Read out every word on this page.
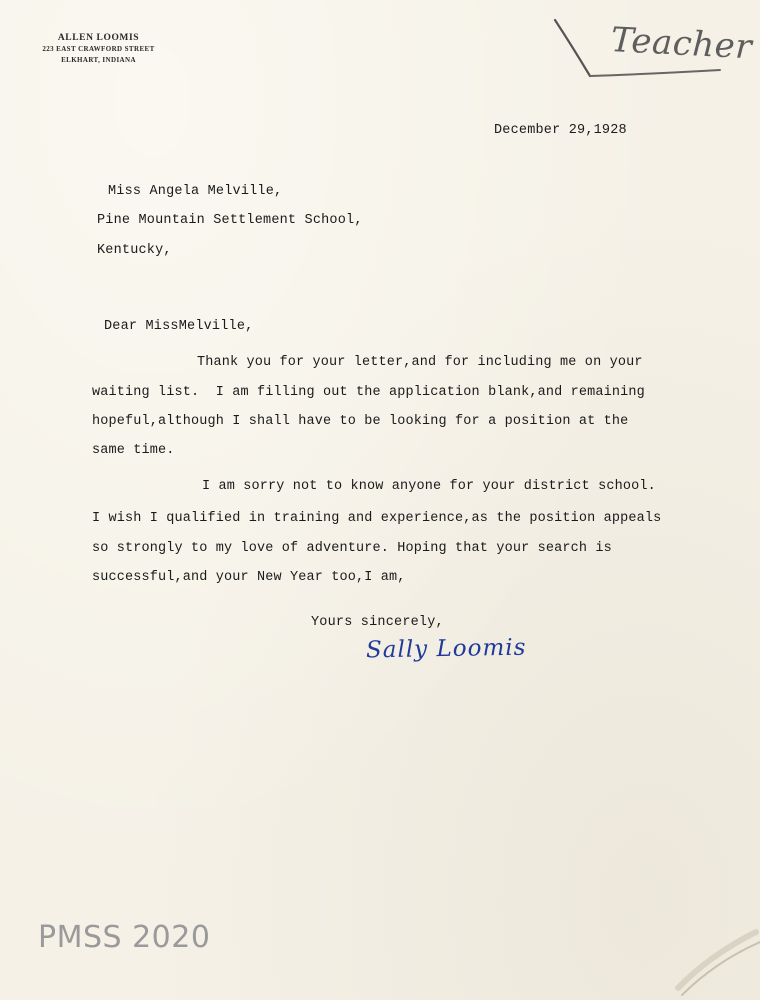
ALLEN LOOMIS
223 EAST CRAWFORD STREET
ELKHART, INDIANA	Teacher
December 29,1928
Miss Angela Melville,
Pine Mountain Settlement School,
Kentucky,
Dear MissMelville,
Thank you for your letter,and for including me on your
waiting list.  I am filling out the application blank,and remaining
hopeful,although I shall have to be looking for a position at the
same time.
I am sorry not to know anyone for your district school.
I wish I qualified in training and experience,as the position appeals
so strongly to my love of adventure. Hoping that your search is
successful,and your New Year too,I am,
Yours sincerely,
Sally Loomis
PMSS 2020
